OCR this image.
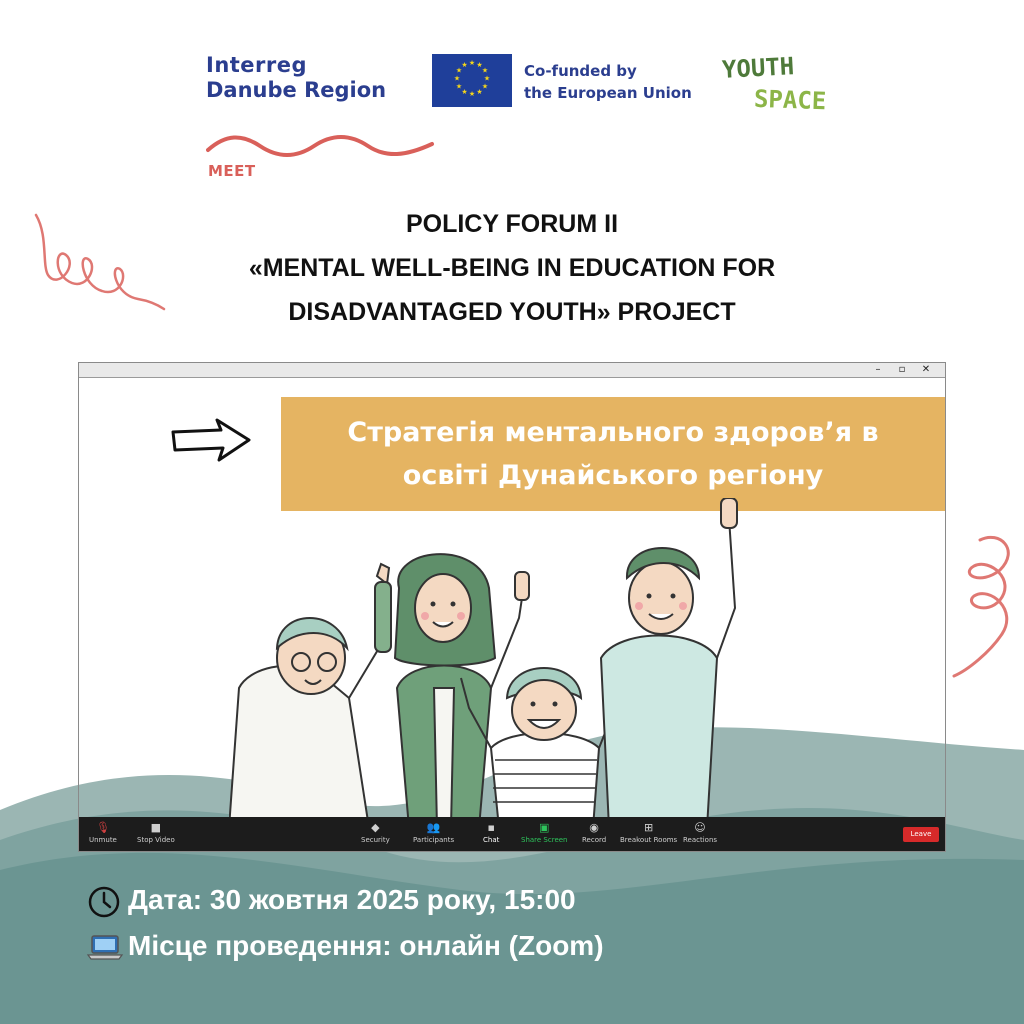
Interreg
Danube Region
MEET
★ ★
★
★
★
★
★
★
★
★
★
★	Co-funded by
the European Union
YOUTH
SPACE
POLICY FORUM II
«MENTAL WELL-BEING IN EDUCATION FOR
DISADVANTAGED YOUTH» PROJECT
–	▫	✕
Стратегія ментального здоров’я в
освіті Дунайського регіону
🎙
Unmute
■
Stop Video
◆
Security
👥
Participants
▪
Chat
▣
Share Screen
◉
Record
⊞
Breakout Rooms
☺
Reactions
Leave
Дата: 30 жовтня 2025 року, 15:00
Місце проведення: онлайн (Zoom)
